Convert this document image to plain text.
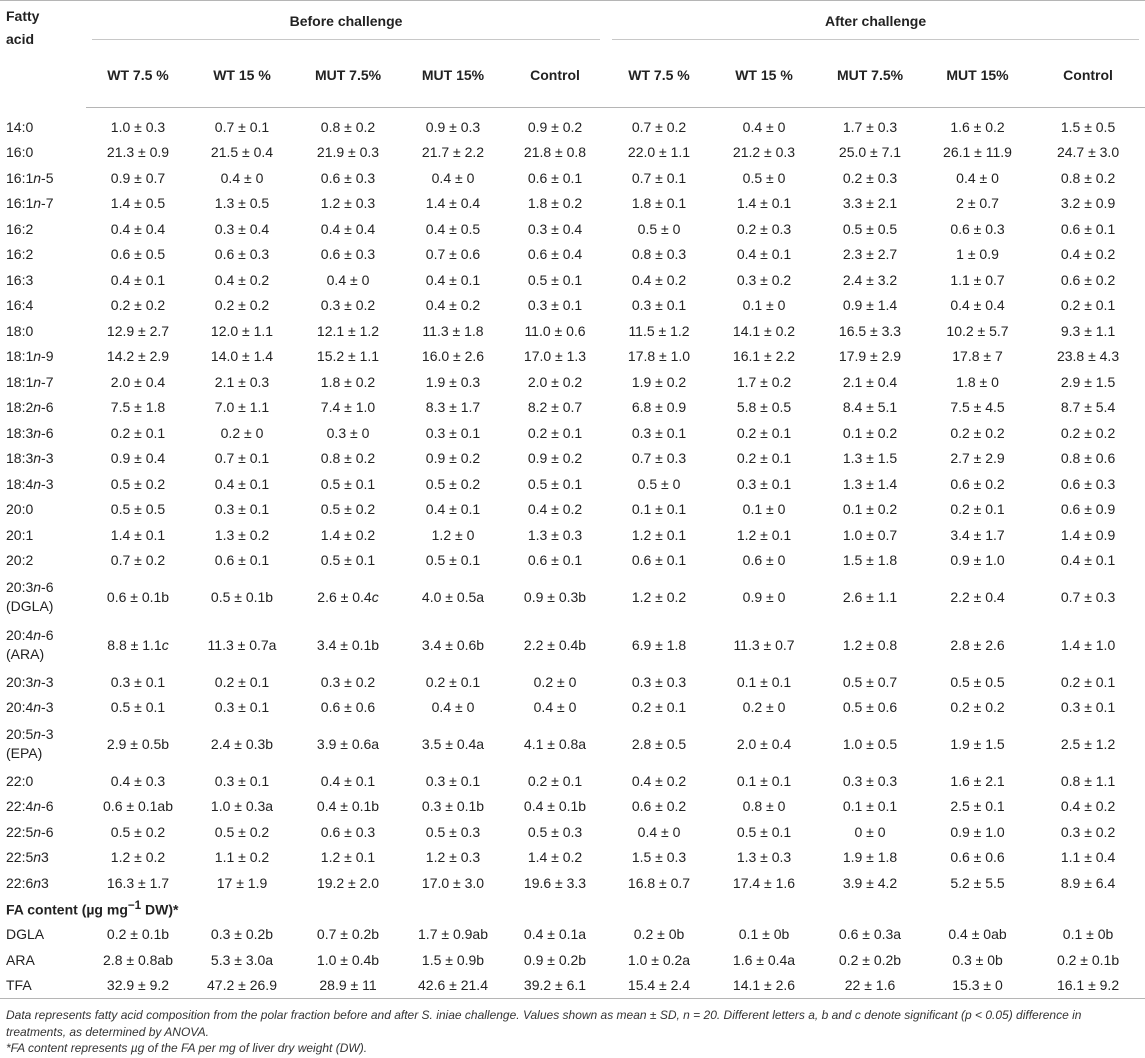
Fatty
acid	Before challenge					After challenge				

	WT 7.5 %	WT 15 %	MUT 7.5%	MUT 15%	Control	WT 7.5 %	WT 15 %	MUT 7.5%	MUT 15%	Control
14:0	1.0 ± 0.3	0.7 ± 0.1	0.8 ± 0.2	0.9 ± 0.3	0.9 ± 0.2	0.7 ± 0.2	0.4 ± 0	1.7 ± 0.3	1.6 ± 0.2	1.5 ± 0.5
16:0	21.3 ± 0.9	21.5 ± 0.4	21.9 ± 0.3	21.7 ± 2.2	21.8 ± 0.8	22.0 ± 1.1	21.2 ± 0.3	25.0 ± 7.1	26.1 ± 11.9	24.7 ± 3.0
16:1n-5	0.9 ± 0.7	0.4 ± 0	0.6 ± 0.3	0.4 ± 0	0.6 ± 0.1	0.7 ± 0.1	0.5 ± 0	0.2 ± 0.3	0.4 ± 0	0.8 ± 0.2
16:1n-7	1.4 ± 0.5	1.3 ± 0.5	1.2 ± 0.3	1.4 ± 0.4	1.8 ± 0.2	1.8 ± 0.1	1.4 ± 0.1	3.3 ± 2.1	2 ± 0.7	3.2 ± 0.9
16:2	0.4 ± 0.4	0.3 ± 0.4	0.4 ± 0.4	0.4 ± 0.5	0.3 ± 0.4	0.5 ± 0	0.2 ± 0.3	0.5 ± 0.5	0.6 ± 0.3	0.6 ± 0.1
16:2	0.6 ± 0.5	0.6 ± 0.3	0.6 ± 0.3	0.7 ± 0.6	0.6 ± 0.4	0.8 ± 0.3	0.4 ± 0.1	2.3 ± 2.7	1 ± 0.9	0.4 ± 0.2
16:3	0.4 ± 0.1	0.4 ± 0.2	0.4 ± 0	0.4 ± 0.1	0.5 ± 0.1	0.4 ± 0.2	0.3 ± 0.2	2.4 ± 3.2	1.1 ± 0.7	0.6 ± 0.2
16:4	0.2 ± 0.2	0.2 ± 0.2	0.3 ± 0.2	0.4 ± 0.2	0.3 ± 0.1	0.3 ± 0.1	0.1 ± 0	0.9 ± 1.4	0.4 ± 0.4	0.2 ± 0.1
18:0	12.9 ± 2.7	12.0 ± 1.1	12.1 ± 1.2	11.3 ± 1.8	11.0 ± 0.6	11.5 ± 1.2	14.1 ± 0.2	16.5 ± 3.3	10.2 ± 5.7	9.3 ± 1.1
18:1n-9	14.2 ± 2.9	14.0 ± 1.4	15.2 ± 1.1	16.0 ± 2.6	17.0 ± 1.3	17.8 ± 1.0	16.1 ± 2.2	17.9 ± 2.9	17.8 ± 7	23.8 ± 4.3
18:1n-7	2.0 ± 0.4	2.1 ± 0.3	1.8 ± 0.2	1.9 ± 0.3	2.0 ± 0.2	1.9 ± 0.2	1.7 ± 0.2	2.1 ± 0.4	1.8 ± 0	2.9 ± 1.5
18:2n-6	7.5 ± 1.8	7.0 ± 1.1	7.4 ± 1.0	8.3 ± 1.7	8.2 ± 0.7	6.8 ± 0.9	5.8 ± 0.5	8.4 ± 5.1	7.5 ± 4.5	8.7 ± 5.4
18:3n-6	0.2 ± 0.1	0.2 ± 0	0.3 ± 0	0.3 ± 0.1	0.2 ± 0.1	0.3 ± 0.1	0.2 ± 0.1	0.1 ± 0.2	0.2 ± 0.2	0.2 ± 0.2
18:3n-3	0.9 ± 0.4	0.7 ± 0.1	0.8 ± 0.2	0.9 ± 0.2	0.9 ± 0.2	0.7 ± 0.3	0.2 ± 0.1	1.3 ± 1.5	2.7 ± 2.9	0.8 ± 0.6
18:4n-3	0.5 ± 0.2	0.4 ± 0.1	0.5 ± 0.1	0.5 ± 0.2	0.5 ± 0.1	0.5 ± 0	0.3 ± 0.1	1.3 ± 1.4	0.6 ± 0.2	0.6 ± 0.3
20:0	0.5 ± 0.5	0.3 ± 0.1	0.5 ± 0.2	0.4 ± 0.1	0.4 ± 0.2	0.1 ± 0.1	0.1 ± 0	0.1 ± 0.2	0.2 ± 0.1	0.6 ± 0.9
20:1	1.4 ± 0.1	1.3 ± 0.2	1.4 ± 0.2	1.2 ± 0	1.3 ± 0.3	1.2 ± 0.1	1.2 ± 0.1	1.0 ± 0.7	3.4 ± 1.7	1.4 ± 0.9
20:2	0.7 ± 0.2	0.6 ± 0.1	0.5 ± 0.1	0.5 ± 0.1	0.6 ± 0.1	0.6 ± 0.1	0.6 ± 0	1.5 ± 1.8	0.9 ± 1.0	0.4 ± 0.1

20:3n-6
(DGLA)	0.6 ± 0.1b	0.5 ± 0.1b	2.6 ± 0.4c	4.0 ± 0.5a	0.9 ± 0.3b	1.2 ± 0.2	0.9 ± 0	2.6 ± 1.1	2.2 ± 0.4	0.7 ± 0.3

20:4n-6
(ARA)	8.8 ± 1.1c	11.3 ± 0.7a	3.4 ± 0.1b	3.4 ± 0.6b	2.2 ± 0.4b	6.9 ± 1.8	11.3 ± 0.7	1.2 ± 0.8	2.8 ± 2.6	1.4 ± 1.0
20:3n-3	0.3 ± 0.1	0.2 ± 0.1	0.3 ± 0.2	0.2 ± 0.1	0.2 ± 0	0.3 ± 0.3	0.1 ± 0.1	0.5 ± 0.7	0.5 ± 0.5	0.2 ± 0.1
20:4n-3	0.5 ± 0.1	0.3 ± 0.1	0.6 ± 0.6	0.4 ± 0	0.4 ± 0	0.2 ± 0.1	0.2 ± 0	0.5 ± 0.6	0.2 ± 0.2	0.3 ± 0.1

20:5n-3
(EPA)	2.9 ± 0.5b	2.4 ± 0.3b	3.9 ± 0.6a	3.5 ± 0.4a	4.1 ± 0.8a	2.8 ± 0.5	2.0 ± 0.4	1.0 ± 0.5	1.9 ± 1.5	2.5 ± 1.2
22:0	0.4 ± 0.3	0.3 ± 0.1	0.4 ± 0.1	0.3 ± 0.1	0.2 ± 0.1	0.4 ± 0.2	0.1 ± 0.1	0.3 ± 0.3	1.6 ± 2.1	0.8 ± 1.1
22:4n-6	0.6 ± 0.1ab	1.0 ± 0.3a	0.4 ± 0.1b	0.3 ± 0.1b	0.4 ± 0.1b	0.6 ± 0.2	0.8 ± 0	0.1 ± 0.1	2.5 ± 0.1	0.4 ± 0.2
22:5n-6	0.5 ± 0.2	0.5 ± 0.2	0.6 ± 0.3	0.5 ± 0.3	0.5 ± 0.3	0.4 ± 0	0.5 ± 0.1	0 ± 0	0.9 ± 1.0	0.3 ± 0.2
22:5n3	1.2 ± 0.2	1.1 ± 0.2	1.2 ± 0.1	1.2 ± 0.3	1.4 ± 0.2	1.5 ± 0.3	1.3 ± 0.3	1.9 ± 1.8	0.6 ± 0.6	1.1 ± 0.4
22:6n3	16.3 ± 1.7	17 ± 1.9	19.2 ± 2.0	17.0 ± 3.0	19.6 ± 3.3	16.8 ± 0.7	17.4 ± 1.6	3.9 ± 4.2	5.2 ± 5.5	8.9 ± 6.4
FA content (µg $mg^{-1}$ DW)*										
DGLA	0.2 ± 0.1b	0.3 ± 0.2b	0.7 ± 0.2b	1.7 ± 0.9ab	0.4 ± 0.1a	0.2 ± 0b	0.1 ± 0b	0.6 ± 0.3a	0.4 ± 0ab	0.1 ± 0b
ARA	2.8 ± 0.8ab	5.3 ± 3.0a	1.0 ± 0.4b	1.5 ± 0.9b	0.9 ± 0.2b	1.0 ± 0.2a	1.6 ± 0.4a	0.2 ± 0.2b	0.3 ± 0b	0.2 ± 0.1b
TFA	32.9 ± 9.2	47.2 ± 26.9	28.9 ± 11	42.6 ± 21.4	39.2 ± 6.1	15.4 ± 2.4	14.1 ± 2.6	22 ± 1.6	15.3 ± 0	16.1 ± 9.2

Data represents fatty acid composition from the polar fraction before and after S. iniae challenge. Values shown as mean ± SD, n = 20. Different letters a, b and c denote significant (p < 0.05) difference in treatments, as determined by ANOVA.

*FA content represents µg of the FA per mg of liver dry weight (DW).
